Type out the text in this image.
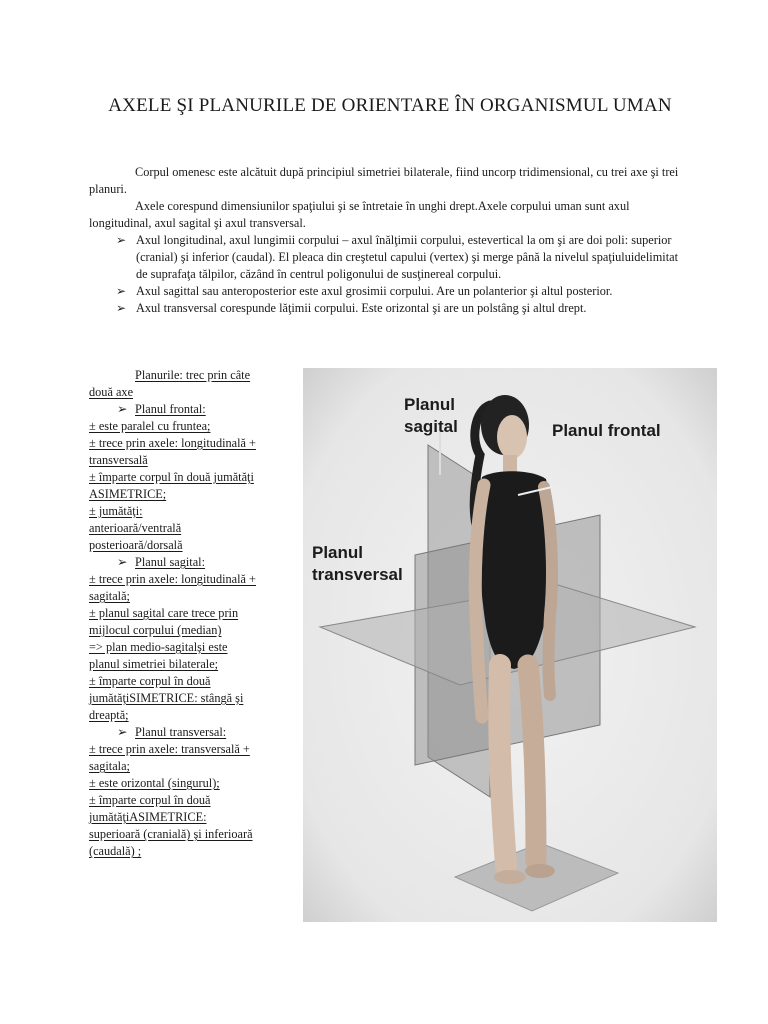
AXELE ŞI PLANURILE DE ORIENTARE ÎN ORGANISMUL UMAN

Corpul omenesc este alcătuit după principiul simetriei bilaterale, fiind uncorp tridimensional, cu trei axe şi trei planuri.

Axele corespund dimensiunilor spaţiului şi se întretaie în unghi drept.Axele corpului uman sunt axul longitudinal, axul sagital şi axul transversal.

➢ Axul longitudinal, axul lungimii corpului – axul înălţimii corpului, estevertical la om şi are doi poli: superior (cranial) şi inferior (caudal). El pleaca din creştetul capului (vertex) şi merge până la nivelul spaţiuluidelimitat de suprafaţa tălpilor, căzând în centrul poligonului de susţinereal corpului.
➢ Axul sagittal sau anteroposterior este axul grosimii corpului. Are un polanterior şi altul posterior.
➢ Axul transversal corespunde lăţimii corpului. Este orizontal şi are un polstâng şi altul drept.
Planurile: trec prin câte
două axe
➢ Planul frontal:
± este paralel cu fruntea;
± trece prin axele: longitudinală +
transversală
± împarte corpul în două jumătăţi
ASIMETRICE;
± jumătăţi:
anterioară/ventrală
posterioară/dorsală
➢ Planul sagital:
± trece prin axele: longitudinală +
sagitală;
± planul sagital care trece prin
mijlocul corpului (median)
=> plan medio-sagitalşi este
planul simetriei bilaterale;
± împarte corpul în două
jumătăţiSIMETRICE: stângă şi
dreaptă;
➢ Planul transversal:
± trece prin axele: transversală +
sagitala;
± este orizontal (singurul);
± împarte corpul în două
jumătăţiASIMETRICE:
superioară (cranială) şi inferioară
(caudală) ;
Planul
sagital	Planul frontal
Planul
transversal
